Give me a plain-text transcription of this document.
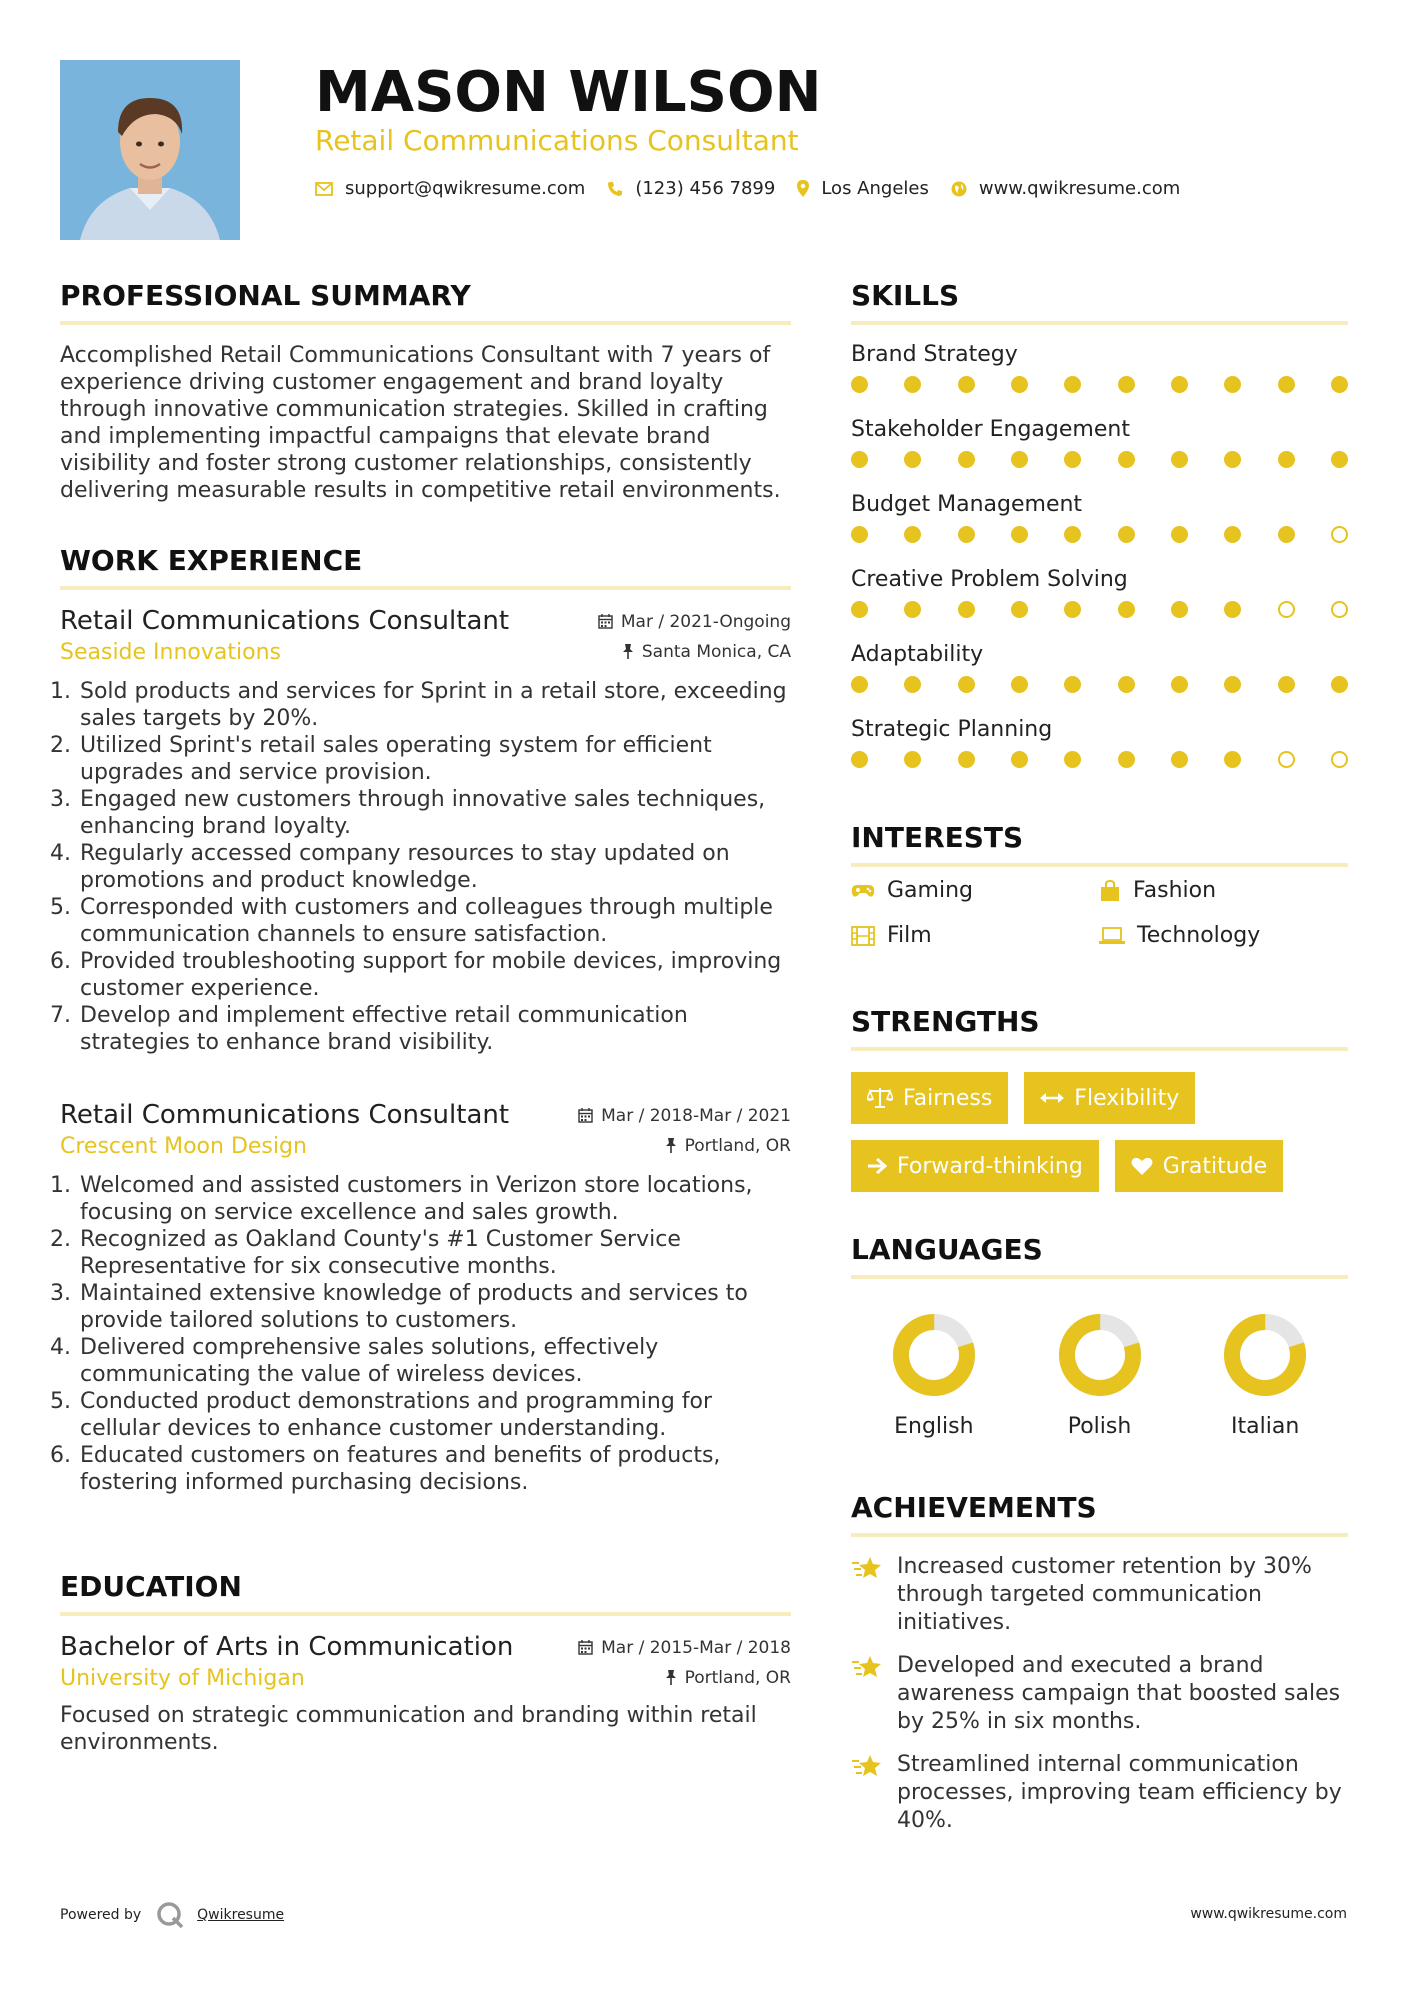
MASON WILSON
Retail Communications Consultant
support@qwikresume.com	(123) 456 7899	Los Angeles	www.qwikresume.com
PROFESSIONAL SUMMARY

Accomplished Retail Communications Consultant with 7 years of experience driving customer engagement and brand loyalty through innovative communication strategies. Skilled in crafting and implementing impactful campaigns that elevate brand visibility and foster strong customer relationships, consistently delivering measurable results in competitive retail environments.

WORK EXPERIENCE
Retail Communications Consultant	Mar / 2021-Ongoing
Seaside Innovations	Santa Monica, CA
1. Sold products and services for Sprint in a retail store, exceeding sales targets by 20%.
2. Utilized Sprint's retail sales operating system for efficient upgrades and service provision.
3. Engaged new customers through innovative sales techniques, enhancing brand loyalty.
4. Regularly accessed company resources to stay updated on promotions and product knowledge.
5. Corresponded with customers and colleagues through multiple communication channels to ensure satisfaction.
6. Provided troubleshooting support for mobile devices, improving customer experience.
7. Develop and implement effective retail communication strategies to enhance brand visibility.
Retail Communications Consultant	Mar / 2018-Mar / 2021
Crescent Moon Design	Portland, OR
1. Welcomed and assisted customers in Verizon store locations, focusing on service excellence and sales growth.
2. Recognized as Oakland County's #1 Customer Service Representative for six consecutive months.
3. Maintained extensive knowledge of products and services to provide tailored solutions to customers.
4. Delivered comprehensive sales solutions, effectively communicating the value of wireless devices.
5. Conducted product demonstrations and programming for cellular devices to enhance customer understanding.
6. Educated customers on features and benefits of products, fostering informed purchasing decisions.
EDUCATION
Bachelor of Arts in Communication	Mar / 2015-Mar / 2018
University of Michigan	Portland, OR

Focused on strategic communication and branding within retail environments.

SKILLS
Brand Strategy
Stakeholder Engagement
Budget Management
Creative Problem Solving
Adaptability
Strategic Planning
INTERESTS
Gaming	Fashion
Film	Technology
STRENGTHS
Fairness	Flexibility
Forward-thinking	Gratitude
LANGUAGES
English	Polish	Italian
ACHIEVEMENTS
Increased customer retention by 30% through targeted communication initiatives.
Developed and executed a brand awareness campaign that boosted sales by 25% in six months.
Streamlined internal communication processes, improving team efficiency by 40%.
Powered by	Qwikresume	www.qwikresume.com
